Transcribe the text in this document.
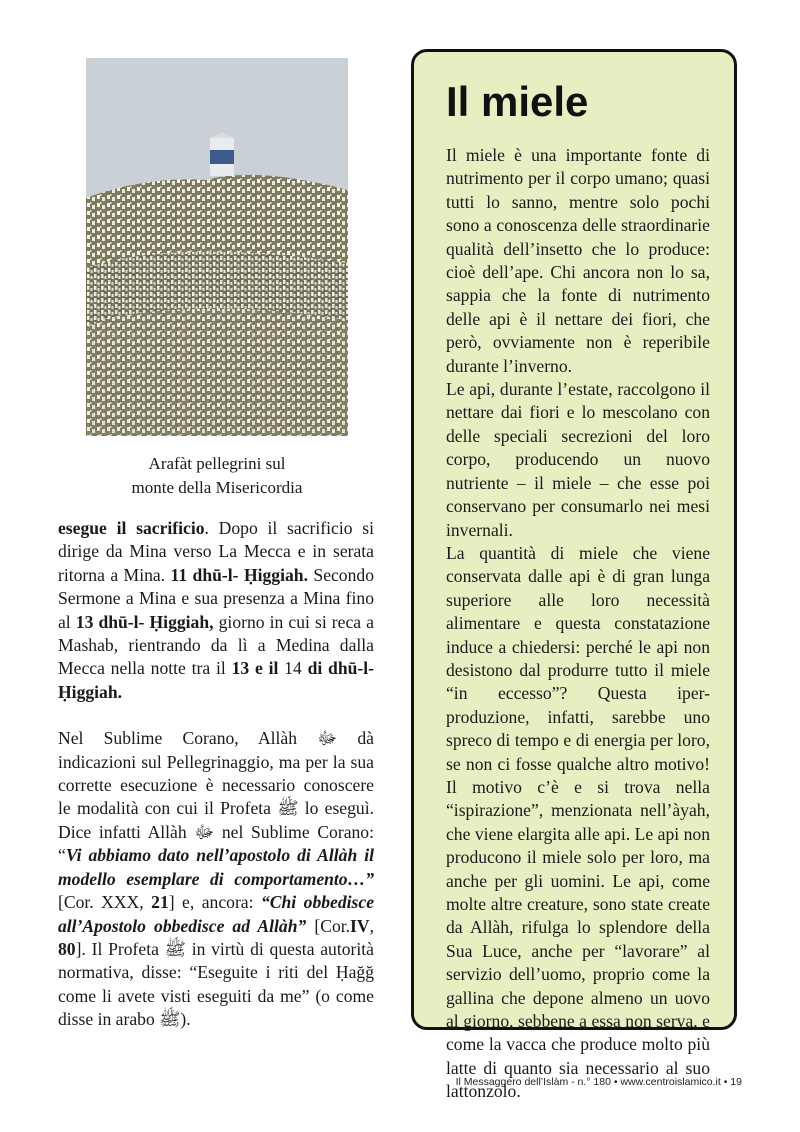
Arafàt pellegrini sul
monte della Misericordia

esegue il sacrificio. Dopo il sacrificio si dirige da Mina verso La Mecca e in serata ritorna a Mina. 11 dhū-l- Ḥiggiah. Secondo Sermone a Mina e sua presenza a Mina fino al 13 dhū-l- Ḥiggiah, giorno in cui si reca a Mashab, rientrando da lì a Medina dalla Mecca nella notte tra il 13 e il 14 di dhū-l-Ḥiggiah.

Nel Sublime Corano, Allàh ﷻ dà indicazioni sul Pellegrinaggio, ma per la sua corrette esecuzione è necessario conoscere le modalità con cui il Profeta ﷺ lo eseguì. Dice infatti Allàh ﷻ nel Sublime Corano: “Vi abbiamo dato nell’apostolo di Allàh il modello esemplare di comportamento…” [Cor. XXX, 21] e, ancora: “Chi obbedisce all’Apostolo obbedisce ad Allàh” [Cor.IV, 80]. Il Profeta ﷺ in virtù di questa autorità normativa, disse: “Eseguite i riti del Ḥağğ come li avete visti eseguiti da me” (o come disse in arabo ﷺ).

Il miele

Il miele è una importante fonte di nutrimento per il corpo umano; quasi tutti lo sanno, mentre solo pochi sono a conoscenza delle straordinarie qualità dell’insetto che lo produce: cioè dell’ape. Chi ancora non lo sa, sappia che la fonte di nutrimento delle api è il nettare dei fiori, che però, ovviamente non è reperibile durante l’inverno.

Le api, durante l’estate, raccolgono il nettare dai fiori e lo mescolano con delle speciali secrezioni del loro corpo, producendo un nuovo nutriente – il miele – che esse poi conservano per consumarlo nei mesi invernali.

La quantità di miele che viene conservata dalle api è di gran lunga superiore alle loro necessità alimentare e questa constatazione induce a chiedersi: perché le api non desistono dal produrre tutto il miele “in eccesso”? Questa iper-produzione, infatti, sarebbe uno spreco di tempo e di energia per loro, se non ci fosse qualche altro motivo! Il motivo c’è e si trova nella “ispirazione”, menzionata nell’àyah, che viene elargita alle api. Le api non producono il miele solo per loro, ma anche per gli uomini. Le api, come molte altre creature, sono state create da Allàh, rifulga lo splendore della Sua Luce, anche per “lavorare” al servizio dell’uomo, proprio come la gallina che depone almeno un uovo al giorno, sebbene a essa non serva, e come la vacca che produce molto più latte di quanto sia necessario al suo lattonzolo.

Il Messaggero dell’Islàm - n.° 180 • www.centroislamico.it • 19
